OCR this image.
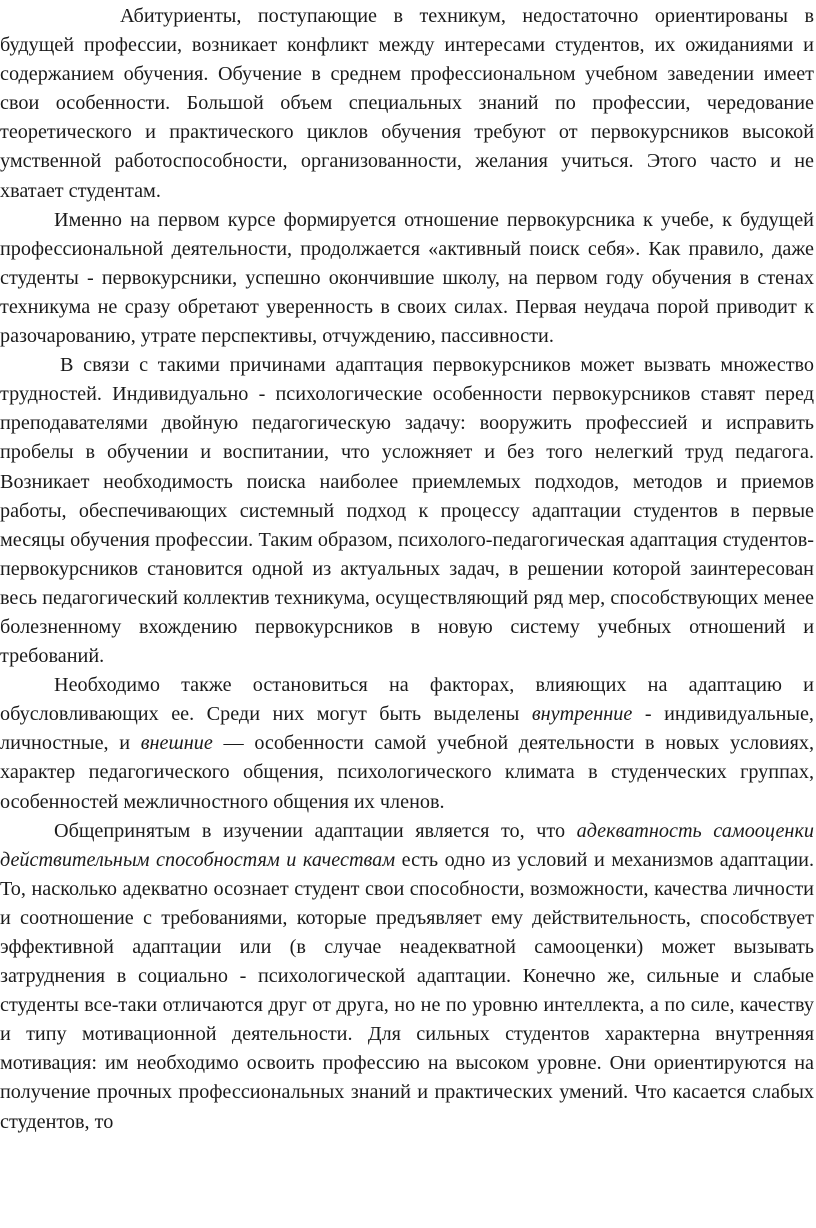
Абитуриенты, поступающие в техникум, недостаточно ориентированы в будущей профессии, возникает конфликт между интересами студентов, их ожиданиями и содержанием обучения. Обучение в среднем профессиональном учебном заведении имеет свои особенности. Большой объем специальных знаний по профессии, чередование теоретического и практического циклов обучения требуют от первокурсников высокой умственной работоспособности, организованности, желания учиться. Этого часто и не хватает студентам.

Именно на первом курсе формируется отношение первокурсника к учебе, к будущей профессиональной деятельности, продолжается «активный поиск себя». Как правило, даже студенты - первокурсники, успешно окончившие школу, на первом году обучения в стенах техникума не сразу обретают уверенность в своих силах. Первая неудача порой приводит к разочарованию, утрате перспективы, отчуждению, пассивности.

В связи с такими причинами адаптация первокурсников может вызвать множество трудностей. Индивидуально - психологические особенности первокурсников ставят перед преподавателями двойную педагогическую задачу: вооружить профессией и исправить пробелы в обучении и воспитании, что усложняет и без того нелегкий труд педагога. Возникает необходимость поиска наиболее приемлемых подходов, методов и приемов работы, обеспечивающих системный подход к процессу адаптации студентов в первые месяцы обучения профессии. Таким образом, психолого-педагогическая адаптация студентов-первокурсников становится одной из актуальных задач, в решении которой заинтересован весь педагогический коллектив техникума, осуществляющий ряд мер, способствующих менее болезненному вхождению первокурсников в новую систему учебных отношений и требований.

Необходимо также остановиться на факторах, влияющих на адаптацию и обусловливающих ее. Среди них могут быть выделены внутренние - индивидуальные, личностные, и внешние — особенности самой учебной деятельности в новых условиях, характер педагогического общения, психологического климата в студенческих группах, особенностей межличностного общения их членов.

Общепринятым в изучении адаптации является то, что адекватность самооценки действительным способностям и качествам есть одно из условий и механизмов адаптации. То, насколько адекватно осознает студент свои способности, возможности, качества личности и соотношение с требованиями, которые предъявляет ему действительность, способствует эффективной адаптации или (в случае неадекватной самооценки) может вызывать затруднения в социально - психологической адаптации. Конечно же, сильные и слабые студенты все-таки отличаются друг от друга, но не по уровню интеллекта, а по силе, качеству и типу мотивационной деятельности. Для сильных студентов характерна внутренняя мотивация: им необходимо освоить профессию на высоком уровне. Они ориентируются на получение прочных профессиональных знаний и практических умений. Что касается слабых студентов, то
